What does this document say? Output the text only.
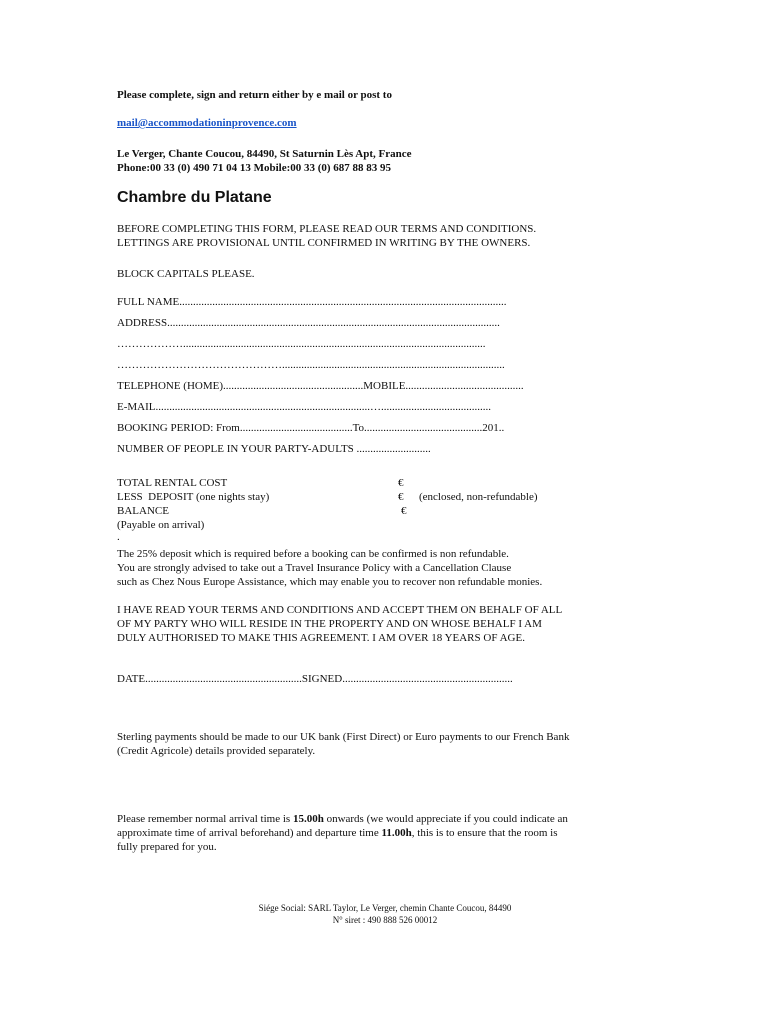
Please complete, sign and return either by e mail or post to
mail@accommodationinprovence.com
Le Verger, Chante Coucou, 84490, St Saturnin Lès Apt, France
Phone:00 33 (0) 490 71 04 13 Mobile:00 33 (0) 687 88 83 95
Chambre du Platane
BEFORE COMPLETING THIS FORM, PLEASE READ OUR TERMS AND CONDITIONS.
LETTINGS ARE PROVISIONAL UNTIL CONFIRMED IN WRITING BY THE OWNERS.
BLOCK CAPITALS PLEASE.
FULL NAME.......................................................................................................................
ADDRESS.........................................................................................................................
………………..............................................................................................................
……………………………………….................................................................................
TELEPHONE (HOME)...................................................MOBILE...........................................
E-MAIL..............................................................................…........................................
BOOKING PERIOD: From.........................................To...........................................201..
NUMBER OF PEOPLE IN YOUR PARTY-ADULTS ...........................
TOTAL RENTAL COST	€
LESS  DEPOSIT (one nights stay)	€ (enclosed, non-refundable)
BALANCE	€
(Payable on arrival)
.

The 25% deposit which is required before a booking can be confirmed is non refundable.

You are strongly advised to take out a Travel Insurance Policy with a Cancellation Clause

such as Chez Nous Europe Assistance, which may enable you to recover non refundable monies.

I HAVE READ YOUR TERMS AND CONDITIONS AND ACCEPT THEM ON BEHALF OF ALL

OF MY PARTY WHO WILL RESIDE IN THE PROPERTY AND ON WHOSE BEHALF I AM

DULY AUTHORISED TO MAKE THIS AGREEMENT. I AM OVER 18 YEARS OF AGE.

DATE.........................................................SIGNED..............................................................

Sterling payments should be made to our UK bank (First Direct) or Euro payments to our French Bank

(Credit Agricole) details provided separately.

Please remember normal arrival time is 15.00h onwards (we would appreciate if you could indicate an

approximate time of arrival beforehand) and departure time 11.00h, this is to ensure that the room is

fully prepared for you.

Siége Social: SARL Taylor, Le Verger, chemin Chante Coucou, 84490
N° siret : 490 888 526 00012
